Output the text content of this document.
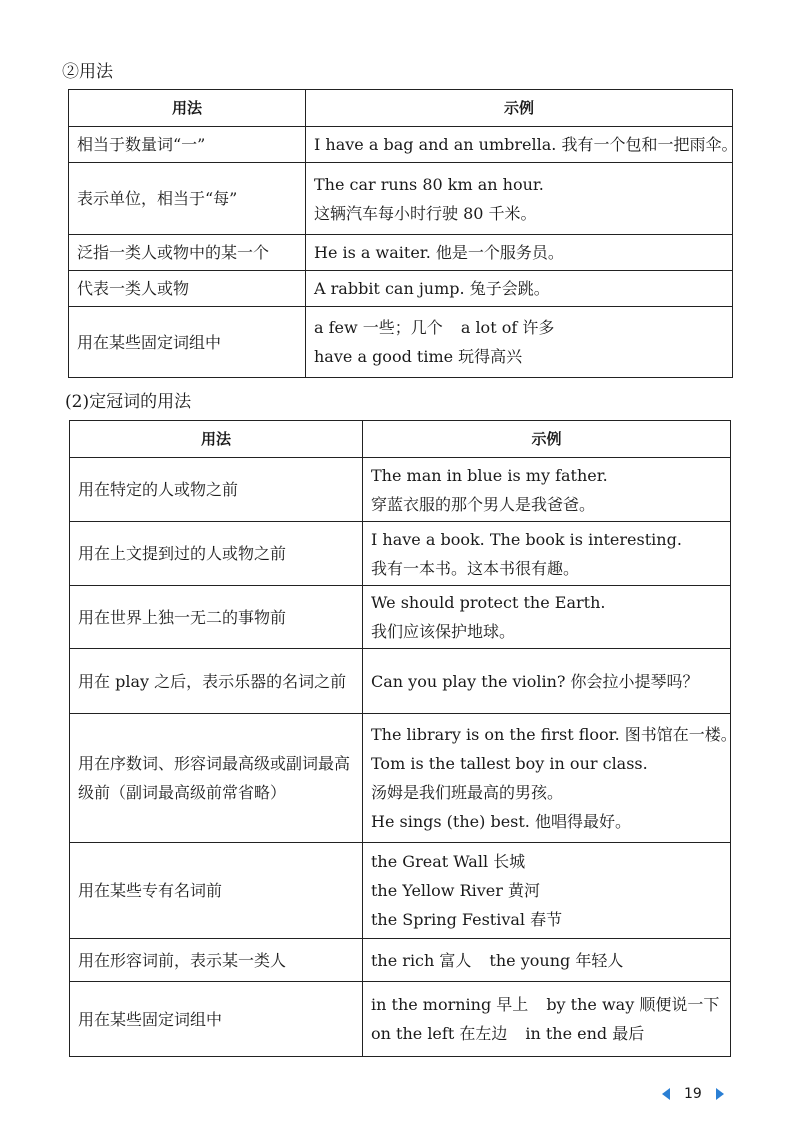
②用法
用法	示例
相当于数量词“一”	I have a bag and an umbrella. 我有一个包和一把雨伞。

表示单位，相当于“每”	The car runs 80 km an hour.
这辆汽车每小时行驶 80 千米。

泛指一类人或物中的某一个	He is a waiter. 他是一个服务员。

代表一类人或物	A rabbit can jump. 兔子会跳。

用在某些固定词组中	a few 一些；几个 a lot of 许多
have a good time 玩得高兴
(2)定冠词的用法
用法	示例
用在特定的人或物之前	The man in blue is my father.
穿蓝衣服的那个男人是我爸爸。

用在上文提到过的人或物之前	I have a book. The book is interesting.
我有一本书。这本书很有趣。

用在世界上独一无二的事物前	We should protect the Earth.
我们应该保护地球。

用在 play 之后，表示乐器的名词之前	Can you play the violin? 你会拉小提琴吗？

用在序数词、形容词最高级或副词最高级前（副词最高级前常省略）	The library is on the first floor. 图书馆在一楼。
Tom is the tallest boy in our class.
汤姆是我们班最高的男孩。
He sings (the) best. 他唱得最好。

用在某些专有名词前	the Great Wall 长城
the Yellow River 黄河
the Spring Festival 春节

用在形容词前，表示某一类人	the rich 富人 the young 年轻人

用在某些固定词组中	in the morning 早上 by the way 顺便说一下
on the left 在左边 in the end 最后
19
